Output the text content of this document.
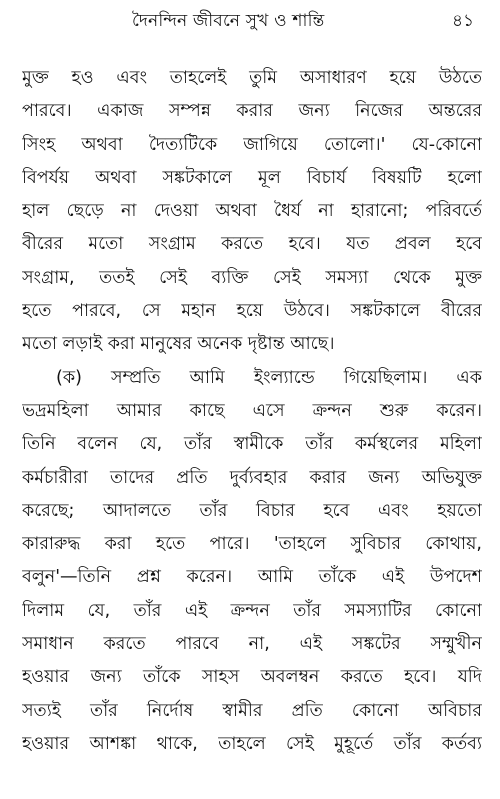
দৈনন্দিন জীবনে সুখ ও শান্তি	৪১
মুক্ত হও এবং তাহলেই তুমি অসাধারণ হয়ে উঠতে
পারবে। একাজ সম্পন্ন করার জন্য নিজের অন্তরের
সিংহ অথবা দৈত্যটিকে জাগিয়ে তোলো।' যে-কোনো
বিপর্যয় অথবা সঙ্কটকালে মূল বিচার্য বিষয়টি হলো
হাল ছেড়ে না দেওয়া অথবা ধৈর্য না হারানো; পরিবর্তে
বীরের মতো সংগ্রাম করতে হবে। যত প্রবল হবে
সংগ্রাম, ততই সেই ব্যক্তি সেই সমস্যা থেকে মুক্ত
হতে পারবে, সে মহান হয়ে উঠবে। সঙ্কটকালে বীরের
মতো লড়াই করা মানুষের অনেক দৃষ্টান্ত আছে।
(ক) সম্প্রতি আমি ইংল্যান্ডে গিয়েছিলাম। এক
ভদ্রমহিলা আমার কাছে এসে ক্রন্দন শুরু করেন।
তিনি বলেন যে, তাঁর স্বামীকে তাঁর কর্মস্থলের মহিলা
কর্মচারীরা তাদের প্রতি দুর্ব্যবহার করার জন্য অভিযুক্ত
করেছে; আদালতে তাঁর বিচার হবে এবং হয়তো
কারারুদ্ধ করা হতে পারে। 'তাহলে সুবিচার কোথায়,
বলুন'—তিনি প্রশ্ন করেন। আমি তাঁকে এই উপদেশ
দিলাম যে, তাঁর এই ক্রন্দন তাঁর সমস্যাটির কোনো
সমাধান করতে পারবে না, এই সঙ্কটের সম্মুখীন
হওয়ার জন্য তাঁকে সাহস অবলম্বন করতে হবে। যদি
সত্যই তাঁর নির্দোষ স্বামীর প্রতি কোনো অবিচার
হওয়ার আশঙ্কা থাকে, তাহলে সেই মুহূর্তে তাঁর কর্তব্য
